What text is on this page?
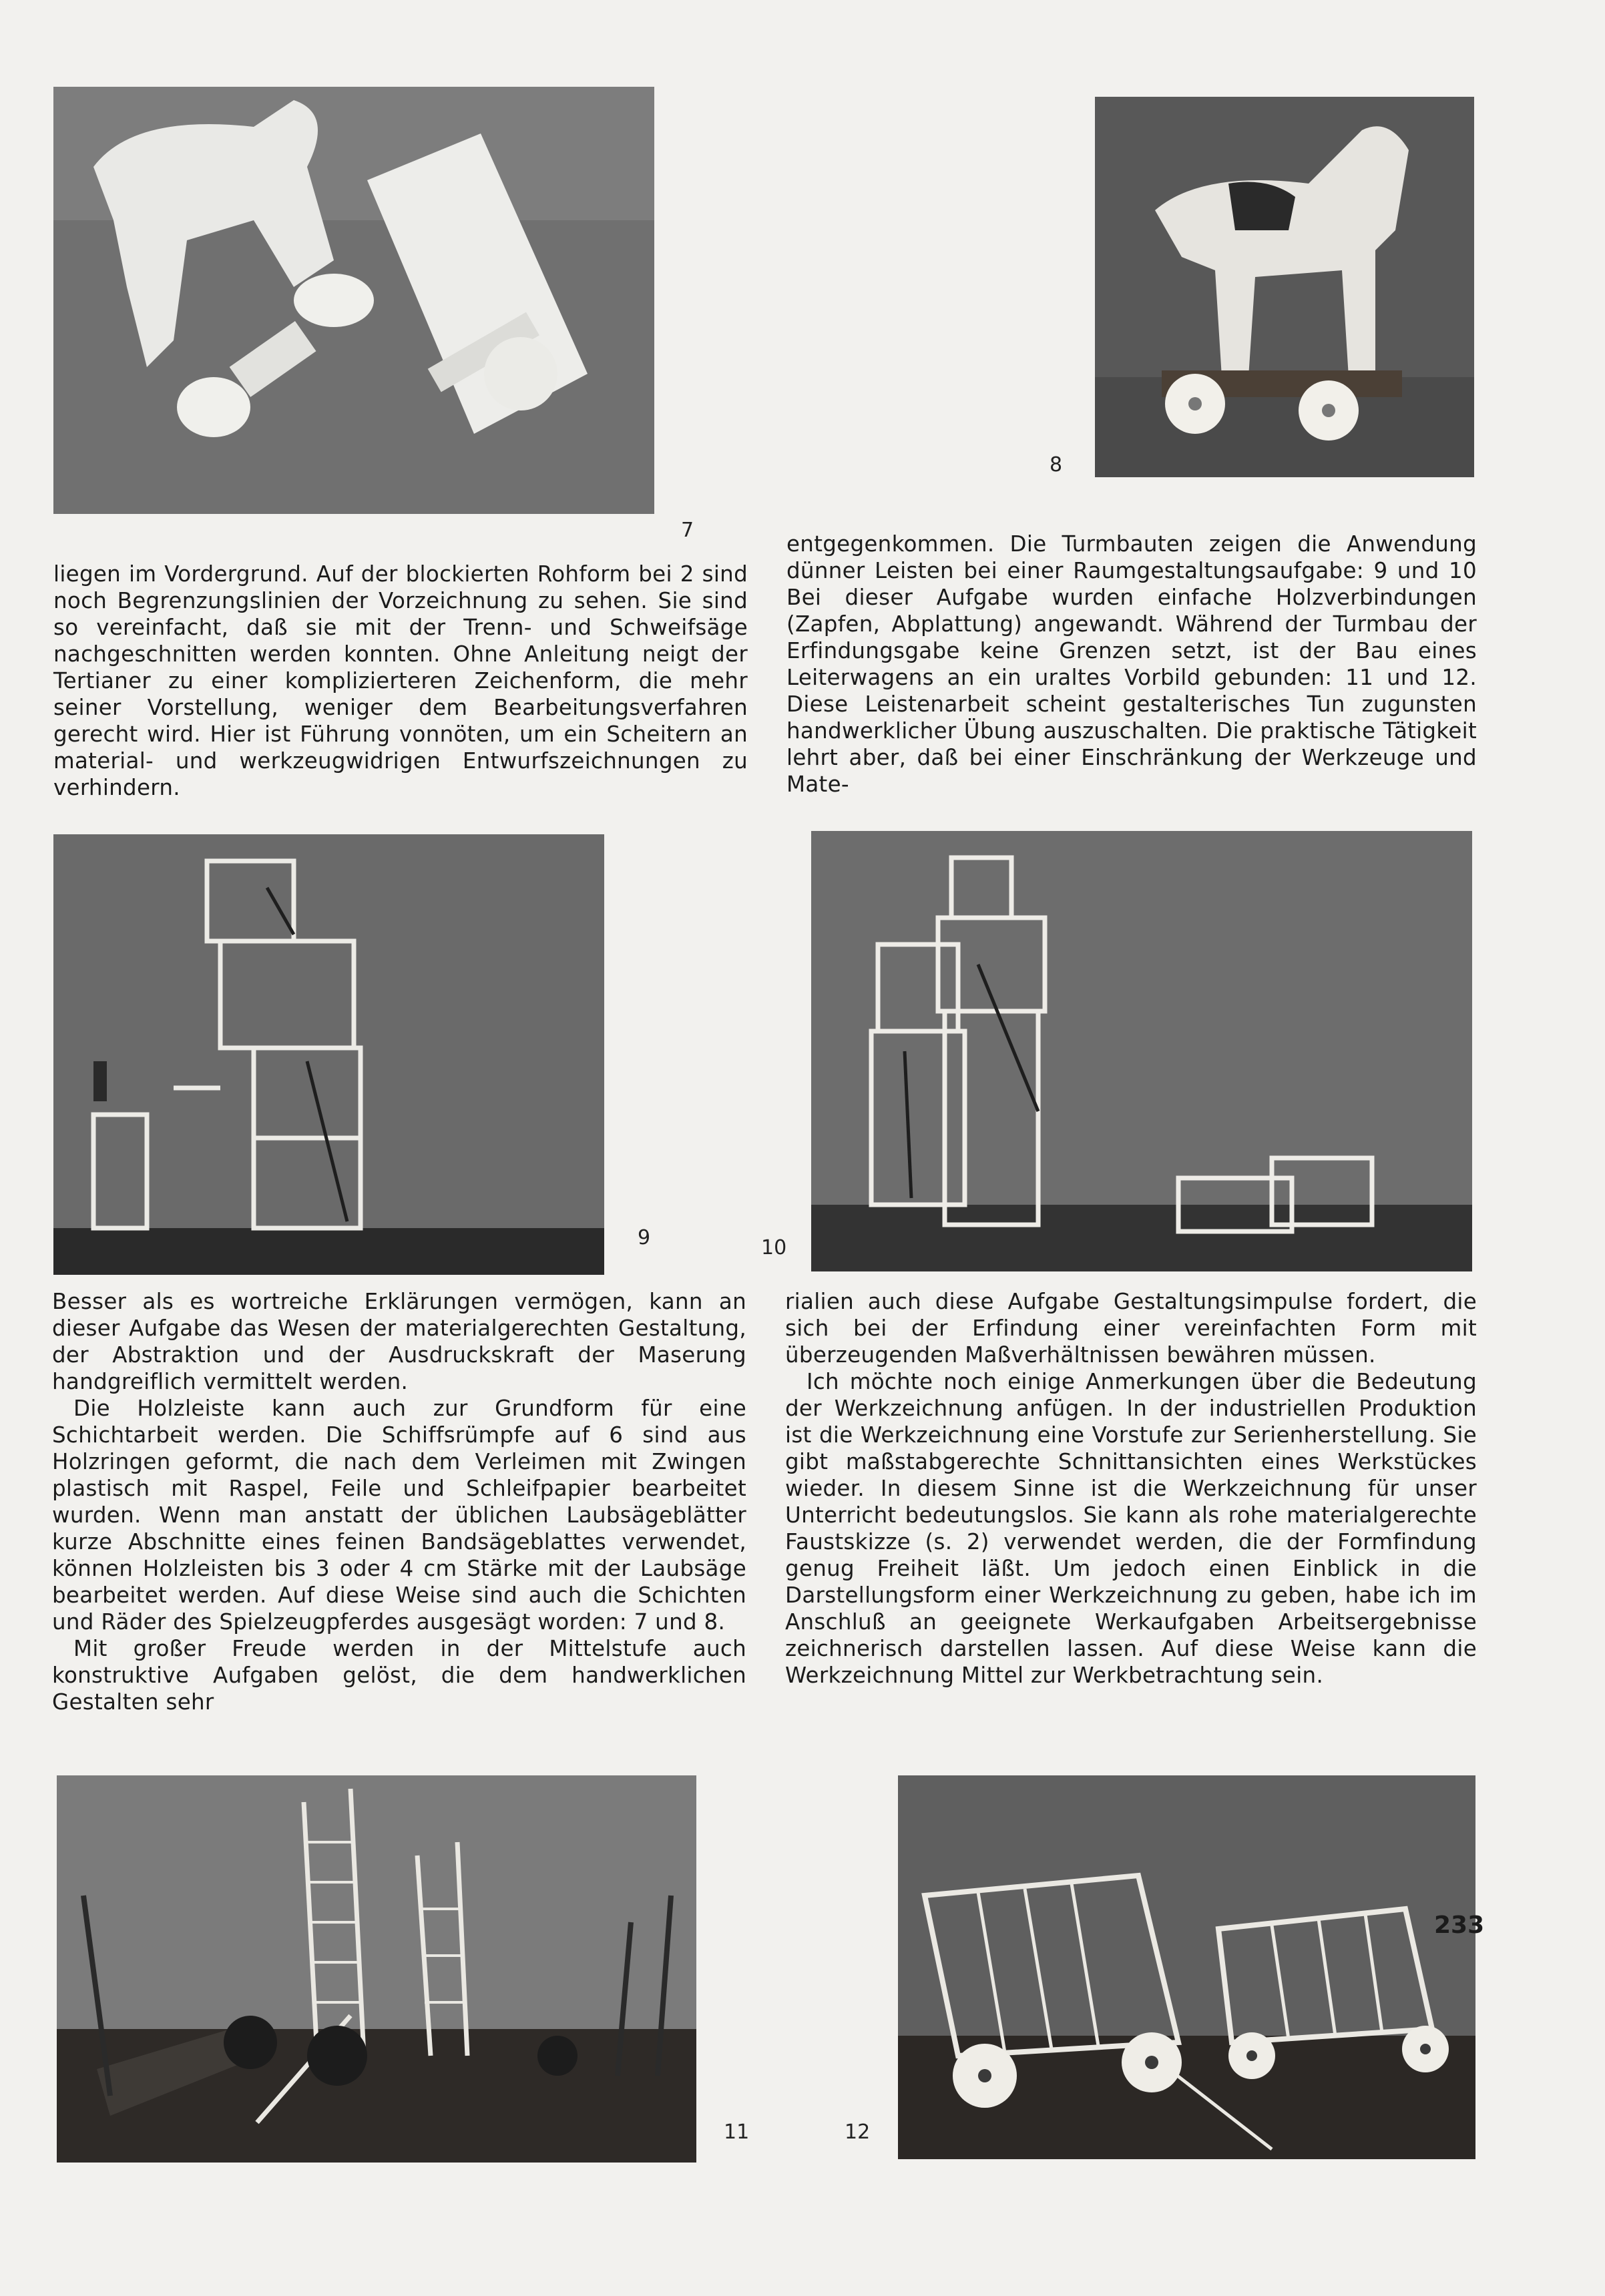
7
8

liegen im Vordergrund. Auf der blockierten Rohform bei 2 sind noch Begrenzungslinien der Vorzeichnung zu sehen. Sie sind so vereinfacht, daß sie mit der Trenn- und Schweifsäge nachgeschnitten werden konnten. Ohne Anleitung neigt der Tertianer zu einer komplizierteren Zeichenform, die mehr seiner Vorstellung, weniger dem Bearbeitungsverfahren gerecht wird. Hier ist Führung vonnöten, um ein Scheitern an material- und werkzeugwidrigen Entwurfszeichnungen zu verhindern.

entgegenkommen. Die Turmbauten zeigen die Anwendung dünner Leisten bei einer Raumgestaltungsaufgabe: 9 und 10 Bei dieser Aufgabe wurden einfache Holzverbindungen (Zapfen, Abplattung) angewandt. Während der Turmbau der Erfindungsgabe keine Grenzen setzt, ist der Bau eines Leiterwagens an ein uraltes Vorbild gebunden: 11 und 12. Diese Leistenarbeit scheint gestalterisches Tun zugunsten handwerklicher Übung auszuschalten. Die praktische Tätigkeit lehrt aber, daß bei einer Einschränkung der Werkzeuge und Mate-

9	10

Besser als es wortreiche Erklärungen vermögen, kann an dieser Aufgabe das Wesen der materialgerechten Gestaltung, der Abstraktion und der Ausdruckskraft der Maserung handgreiflich vermittelt werden.

Die Holzleiste kann auch zur Grundform für eine Schichtarbeit werden. Die Schiffsrümpfe auf 6 sind aus Holzringen geformt, die nach dem Verleimen mit Zwingen plastisch mit Raspel, Feile und Schleifpapier bearbeitet wurden. Wenn man anstatt der üblichen Laubsägeblätter kurze Abschnitte eines feinen Bandsägeblattes verwendet, können Holzleisten bis 3 oder 4 cm Stärke mit der Laubsäge bearbeitet werden. Auf diese Weise sind auch die Schichten und Räder des Spielzeugpferdes ausgesägt worden: 7 und 8.

Mit großer Freude werden in der Mittelstufe auch konstruktive Aufgaben gelöst, die dem handwerklichen Gestalten sehr

rialien auch diese Aufgabe Gestaltungsimpulse fordert, die sich bei der Erfindung einer vereinfachten Form mit überzeugenden Maßverhältnissen bewähren müssen.

Ich möchte noch einige Anmerkungen über die Bedeutung der Werkzeichnung anfügen. In der industriellen Produktion ist die Werkzeichnung eine Vorstufe zur Serienherstellung. Sie gibt maßstabgerechte Schnittansichten eines Werkstückes wieder. In diesem Sinne ist die Werkzeichnung für unser Unterricht bedeutungslos. Sie kann als rohe materialgerechte Faustskizze (s. 2) verwendet werden, die der Formfindung genug Freiheit läßt. Um jedoch einen Einblick in die Darstellungsform einer Werkzeichnung zu geben, habe ich im Anschluß an geeignete Werkaufgaben Arbeitsergebnisse zeichnerisch darstellen lassen. Auf diese Weise kann die Werkzeichnung Mittel zur Werkbetrachtung sein.

11	12
233
